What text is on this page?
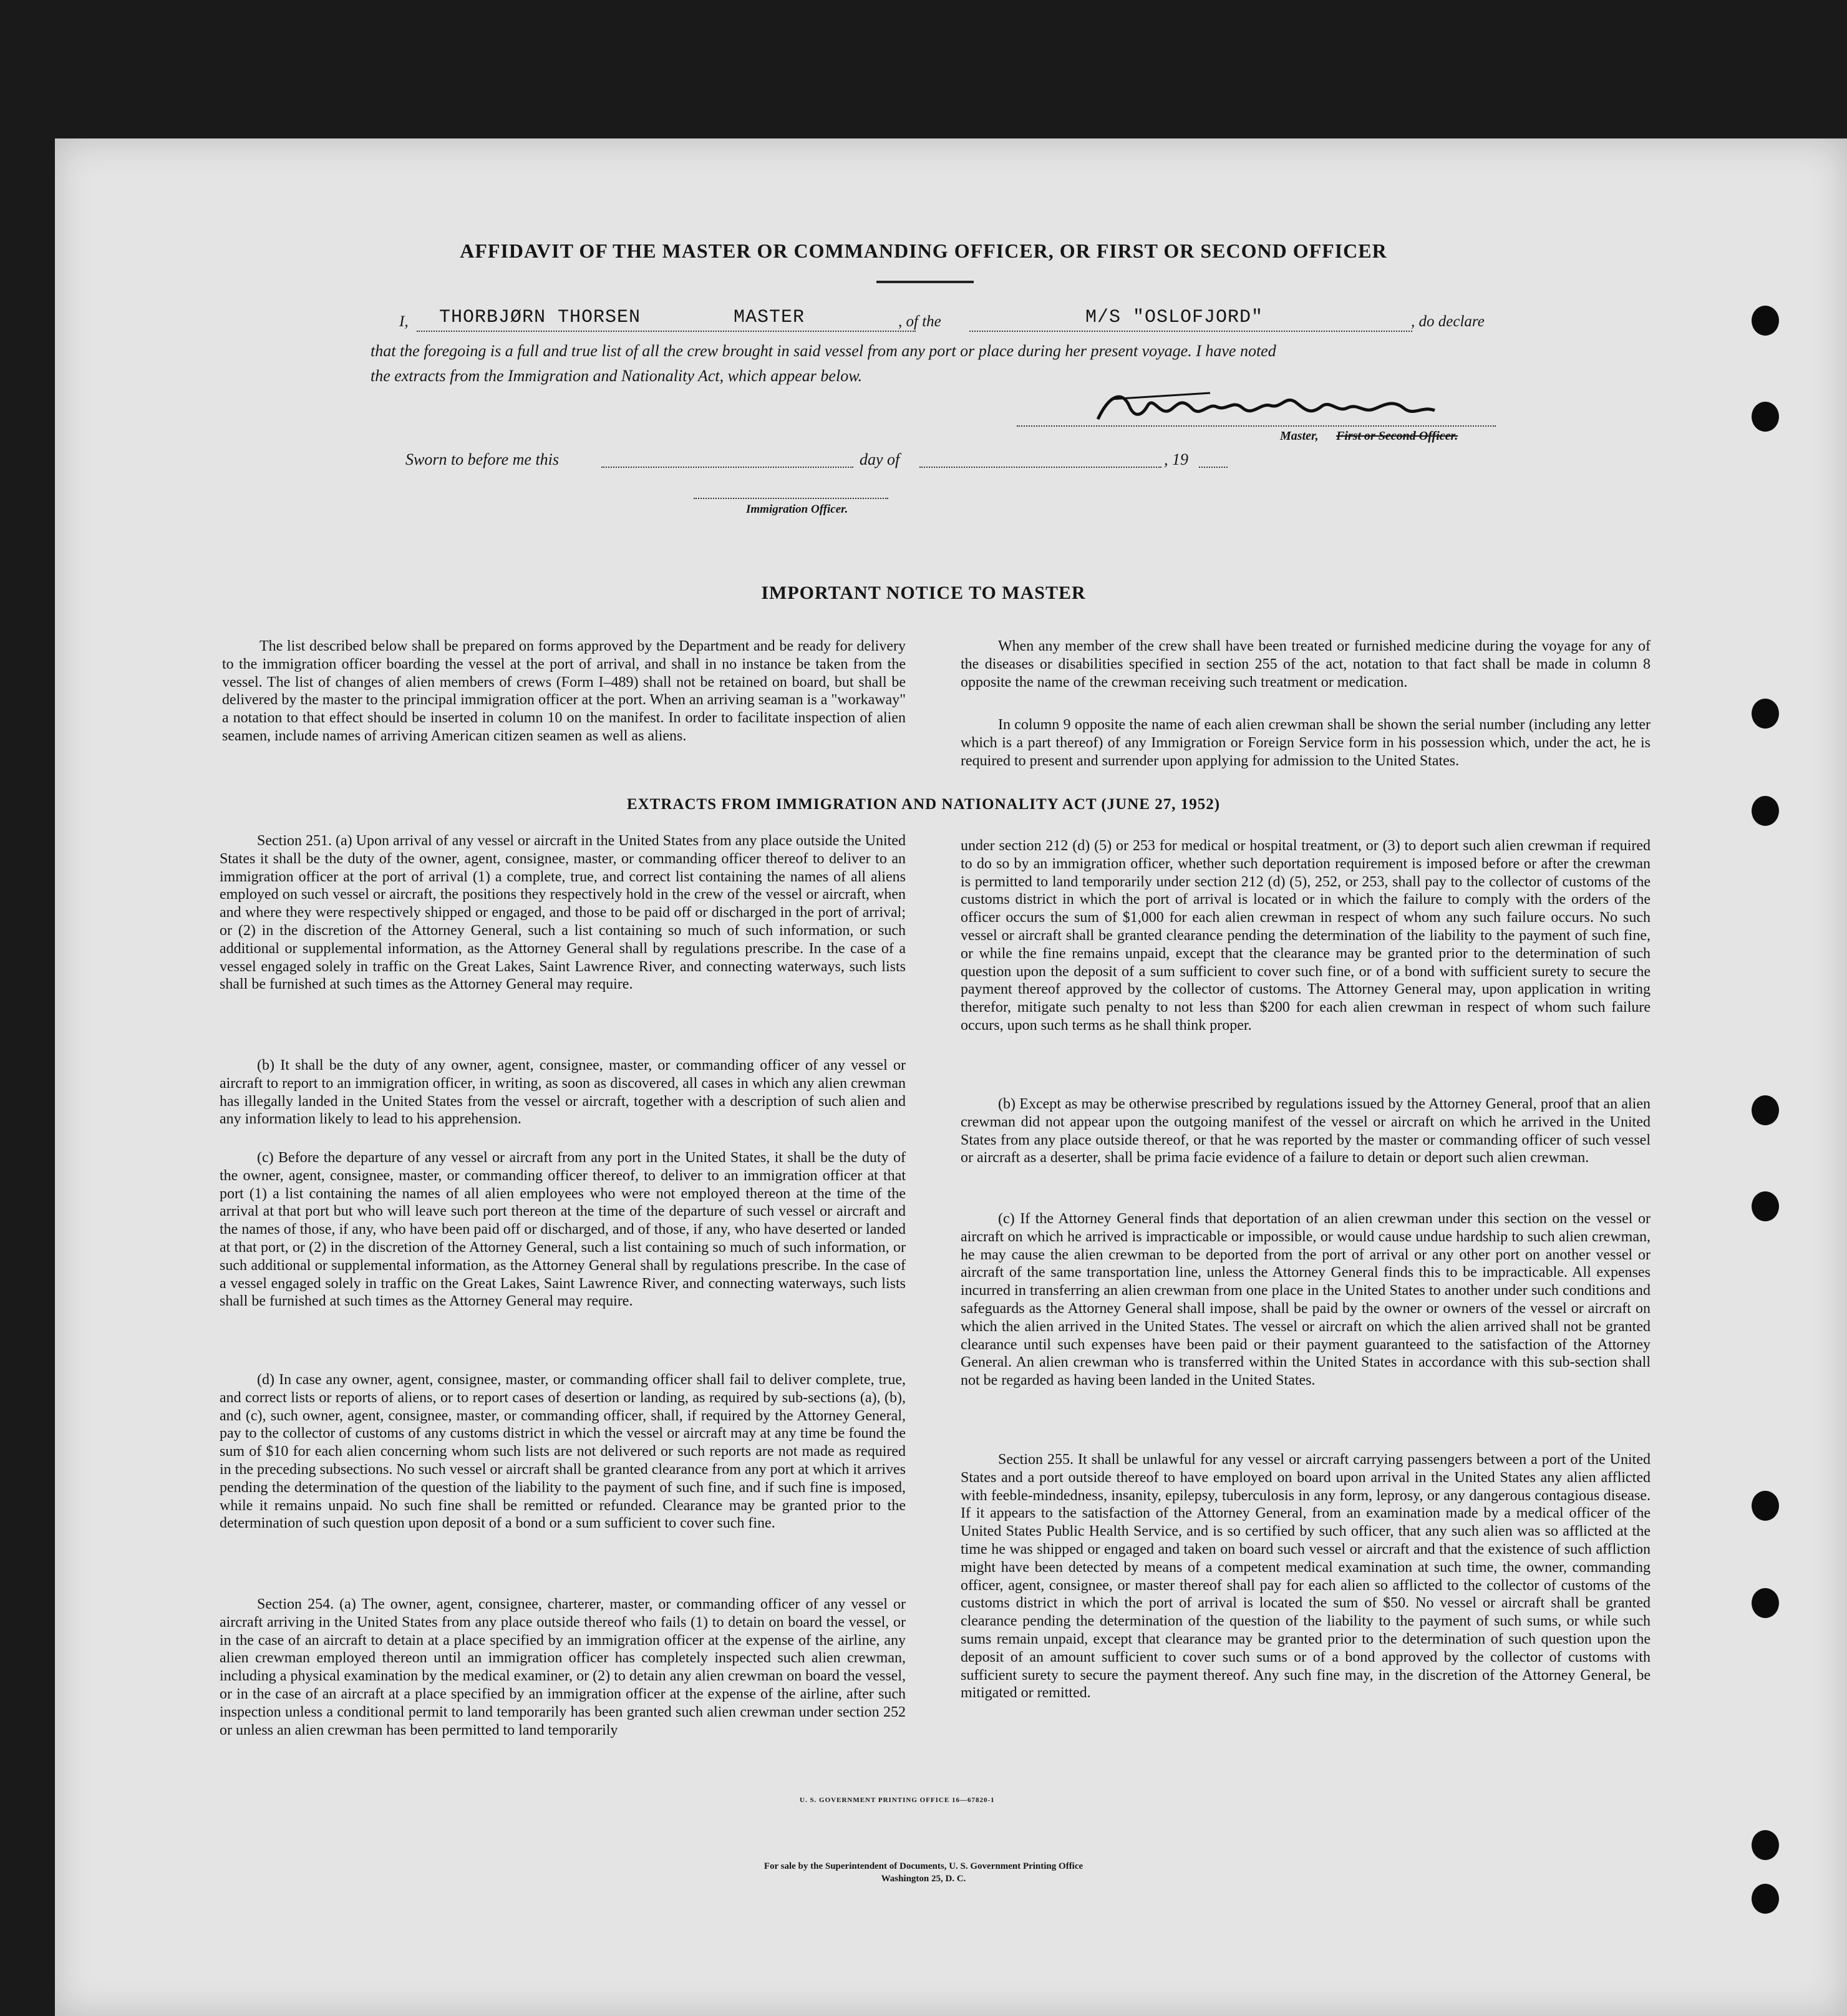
AFFIDAVIT OF THE MASTER OR COMMANDING OFFICER, OR FIRST OR SECOND OFFICER
I, THORBJØRN THORSEN	MASTER	, of the	M/S "OSLOFJORD"	, do declare
that the foregoing is a full and true list of all the crew brought in said vessel from any port or place during her present voyage. I have noted
the extracts from the Immigration and Nationality Act, which appear below.
Master, First or Second Officer.
Sworn to before me this	day of	, 19
Immigration Officer.
IMPORTANT NOTICE TO MASTER
The list described below shall be prepared on forms approved by the Department and be ready for delivery to the immigration officer boarding the vessel at the port of arrival, and shall in no instance be taken from the vessel. The list of changes of alien members of crews (Form I–489) shall not be retained on board, but shall be delivered by the master to the principal immigration officer at the port. When an arriving seaman is a "workaway" a notation to that effect should be inserted in column 10 on the manifest. In order to facilitate inspection of alien seamen, include names of arriving American citizen seamen as well as aliens.
When any member of the crew shall have been treated or furnished medicine during the voyage for any of the diseases or disabilities specified in section 255 of the act, notation to that fact shall be made in column 8 opposite the name of the crewman receiving such treatment or medication.
In column 9 opposite the name of each alien crewman shall be shown the serial number (including any letter which is a part thereof) of any Immigration or Foreign Service form in his possession which, under the act, he is required to present and surrender upon applying for admission to the United States.
EXTRACTS FROM IMMIGRATION AND NATIONALITY ACT (JUNE 27, 1952)
Section 251. (a) Upon arrival of any vessel or aircraft in the United States from any place outside the United States it shall be the duty of the owner, agent, consignee, master, or commanding officer thereof to deliver to an immigration officer at the port of arrival (1) a complete, true, and correct list containing the names of all aliens employed on such vessel or aircraft, the positions they respectively hold in the crew of the vessel or aircraft, when and where they were respectively shipped or engaged, and those to be paid off or discharged in the port of arrival; or (2) in the discretion of the Attorney General, such a list containing so much of such information, or such additional or supplemental information, as the Attorney General shall by regulations prescribe. In the case of a vessel engaged solely in traffic on the Great Lakes, Saint Lawrence River, and connecting waterways, such lists shall be furnished at such times as the Attorney General may require.
(b) It shall be the duty of any owner, agent, consignee, master, or commanding officer of any vessel or aircraft to report to an immigration officer, in writing, as soon as discovered, all cases in which any alien crewman has illegally landed in the United States from the vessel or aircraft, together with a description of such alien and any information likely to lead to his apprehension.
(c) Before the departure of any vessel or aircraft from any port in the United States, it shall be the duty of the owner, agent, consignee, master, or commanding officer thereof, to deliver to an immigration officer at that port (1) a list containing the names of all alien employees who were not employed thereon at the time of the arrival at that port but who will leave such port thereon at the time of the departure of such vessel or aircraft and the names of those, if any, who have been paid off or discharged, and of those, if any, who have deserted or landed at that port, or (2) in the discretion of the Attorney General, such a list containing so much of such information, or such additional or supplemental information, as the Attorney General shall by regulations prescribe. In the case of a vessel engaged solely in traffic on the Great Lakes, Saint Lawrence River, and connecting waterways, such lists shall be furnished at such times as the Attorney General may require.
(d) In case any owner, agent, consignee, master, or commanding officer shall fail to deliver complete, true, and correct lists or reports of aliens, or to report cases of desertion or landing, as required by sub-sections (a), (b), and (c), such owner, agent, consignee, master, or commanding officer, shall, if required by the Attorney General, pay to the collector of customs of any customs district in which the vessel or aircraft may at any time be found the sum of $10 for each alien concerning whom such lists are not delivered or such reports are not made as required in the preceding subsections. No such vessel or aircraft shall be granted clearance from any port at which it arrives pending the determination of the question of the liability to the payment of such fine, and if such fine is imposed, while it remains unpaid. No such fine shall be remitted or refunded. Clearance may be granted prior to the determination of such question upon deposit of a bond or a sum sufficient to cover such fine.
Section 254. (a) The owner, agent, consignee, charterer, master, or commanding officer of any vessel or aircraft arriving in the United States from any place outside thereof who fails (1) to detain on board the vessel, or in the case of an aircraft to detain at a place specified by an immigration officer at the expense of the airline, any alien crewman employed thereon until an immigration officer has completely inspected such alien crewman, including a physical examination by the medical examiner, or (2) to detain any alien crewman on board the vessel, or in the case of an aircraft at a place specified by an immigration officer at the expense of the airline, after such inspection unless a conditional permit to land temporarily has been granted such alien crewman under section 252 or unless an alien crewman has been permitted to land temporarily
under section 212 (d) (5) or 253 for medical or hospital treatment, or (3) to deport such alien crewman if required to do so by an immigration officer, whether such deportation requirement is imposed before or after the crewman is permitted to land temporarily under section 212 (d) (5), 252, or 253, shall pay to the collector of customs of the customs district in which the port of arrival is located or in which the failure to comply with the orders of the officer occurs the sum of $1,000 for each alien crewman in respect of whom any such failure occurs. No such vessel or aircraft shall be granted clearance pending the determination of the liability to the payment of such fine, or while the fine remains unpaid, except that the clearance may be granted prior to the determination of such question upon the deposit of a sum sufficient to cover such fine, or of a bond with sufficient surety to secure the payment thereof approved by the collector of customs. The Attorney General may, upon application in writing therefor, mitigate such penalty to not less than $200 for each alien crewman in respect of whom such failure occurs, upon such terms as he shall think proper.
(b) Except as may be otherwise prescribed by regulations issued by the Attorney General, proof that an alien crewman did not appear upon the outgoing manifest of the vessel or aircraft on which he arrived in the United States from any place outside thereof, or that he was reported by the master or commanding officer of such vessel or aircraft as a deserter, shall be prima facie evidence of a failure to detain or deport such alien crewman.
(c) If the Attorney General finds that deportation of an alien crewman under this section on the vessel or aircraft on which he arrived is impracticable or impossible, or would cause undue hardship to such alien crewman, he may cause the alien crewman to be deported from the port of arrival or any other port on another vessel or aircraft of the same transportation line, unless the Attorney General finds this to be impracticable. All expenses incurred in transferring an alien crewman from one place in the United States to another under such conditions and safeguards as the Attorney General shall impose, shall be paid by the owner or owners of the vessel or aircraft on which the alien arrived in the United States. The vessel or aircraft on which the alien arrived shall not be granted clearance until such expenses have been paid or their payment guaranteed to the satisfaction of the Attorney General. An alien crewman who is transferred within the United States in accordance with this sub-section shall not be regarded as having been landed in the United States.
Section 255. It shall be unlawful for any vessel or aircraft carrying passengers between a port of the United States and a port outside thereof to have employed on board upon arrival in the United States any alien afflicted with feeble-mindedness, insanity, epilepsy, tuberculosis in any form, leprosy, or any dangerous contagious disease. If it appears to the satisfaction of the Attorney General, from an examination made by a medical officer of the United States Public Health Service, and is so certified by such officer, that any such alien was so afflicted at the time he was shipped or engaged and taken on board such vessel or aircraft and that the existence of such affliction might have been detected by means of a competent medical examination at such time, the owner, commanding officer, agent, consignee, or master thereof shall pay for each alien so afflicted to the collector of customs of the customs district in which the port of arrival is located the sum of $50. No vessel or aircraft shall be granted clearance pending the determination of the question of the liability to the payment of such sums, or while such sums remain unpaid, except that clearance may be granted prior to the determination of such question upon the deposit of an amount sufficient to cover such sums or of a bond approved by the collector of customs with sufficient surety to secure the payment thereof. Any such fine may, in the discretion of the Attorney General, be mitigated or remitted.
U. S. GOVERNMENT PRINTING OFFICE 16—67820-1
For sale by the Superintendent of Documents, U. S. Government Printing Office
Washington 25, D. C.
